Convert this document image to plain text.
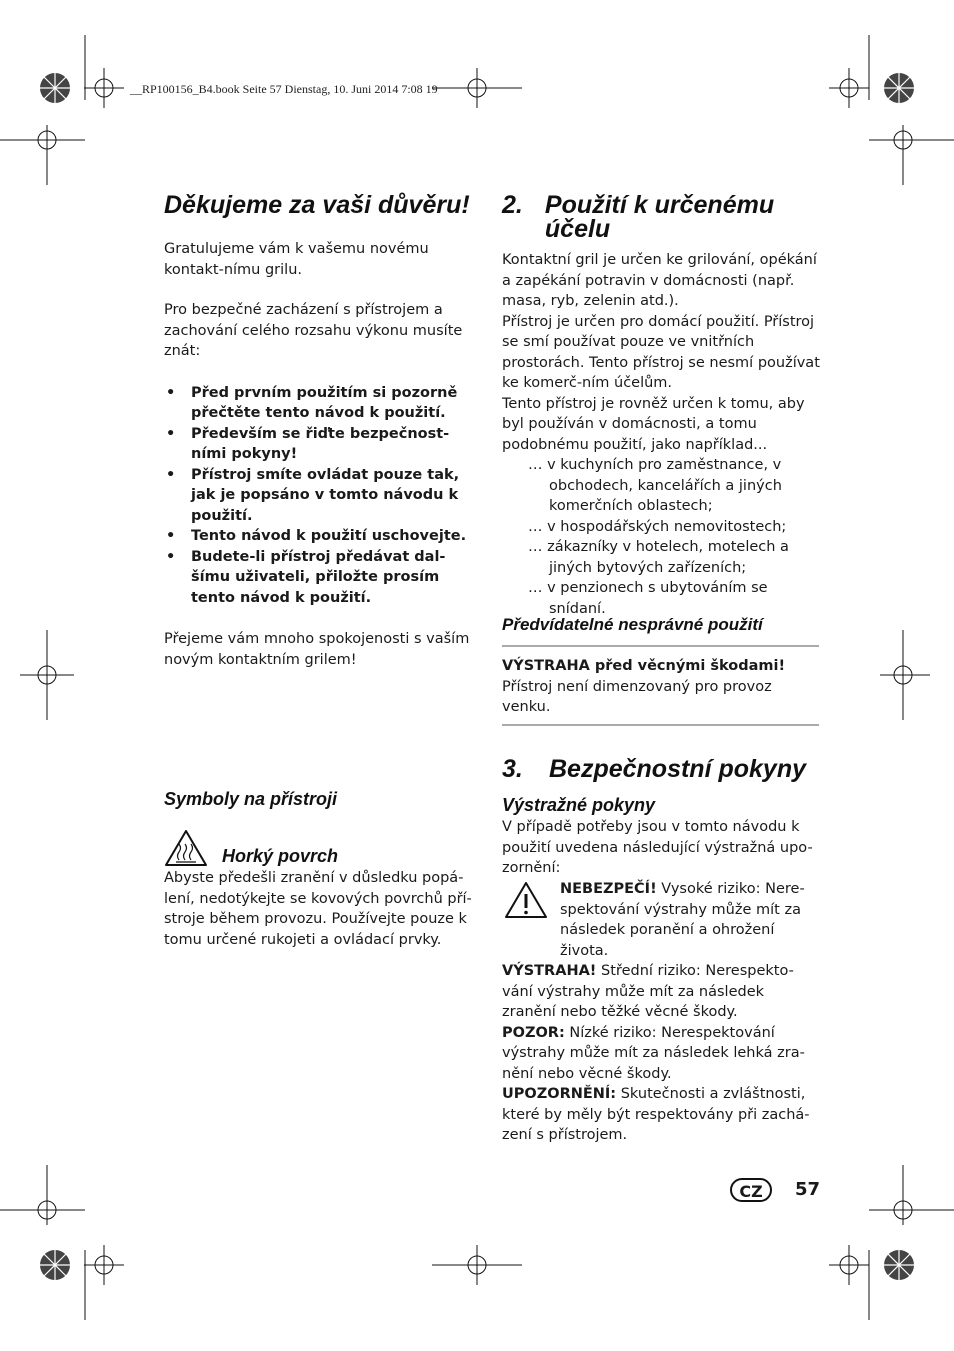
__RP100156_B4.book Seite 57 Dienstag, 10. Juni 2014 7:08 19
Děkujeme za vaši důvěru!

Gratulujeme vám k vašemu novému kontakt-nímu grilu.

Pro bezpečné zacházení s přístrojem a zachování celého rozsahu výkonu musíte znát:

• Před prvním použitím si pozorně přečtěte tento návod k použití.
• Především se řiďte bezpečnost-ními pokyny!
• Přístroj smíte ovládat pouze tak, jak je popsáno v tomto návodu k použití.
• Tento návod k použití uschovejte.
• Budete-li přístroj předávat dal-šímu uživateli, přiložte prosím tento návod k použití.

Přejeme vám mnoho spokojenosti s vaším novým kontaktním grilem!

Symboly na přístroji
Horký povrch

Abyste předešli zranění v důsledku popá-lení, nedotýkejte se kovových povrchů pří-stroje během provozu. Používejte pouze k tomu určené rukojeti a ovládací prvky.

2. Použití k určenému účelu

Kontaktní gril je určen ke grilování, opékání a zapékání potravin v domácnosti (např. masa, ryb, zelenin atd.).

Přístroj je určen pro domácí použití. Přístroj se smí používat pouze ve vnitřních prostorách. Tento přístroj se nesmí používat ke komerč-ním účelům.

Tento přístroj je rovněž určen k tomu, aby byl používán v domácnosti, a tomu podobnému použití, jako například...

… v kuchyních pro zaměstnance, v obchodech, kancelářích a jiných komerčních oblastech;
… v hospodářských nemovitostech;
… zákazníky v hotelech, motelech a jiných bytových zařízeních;
… v penzionech s ubytováním se snídaní.
Předvídatelné nesprávné použití

VÝSTRAHA před věcnými škodami!

Přístroj není dimenzovaný pro provoz venku.

3.	Bezpečnostní pokyny
Výstražné pokyny

V případě potřeby jsou v tomto návodu k použití uvedena následující výstražná upo-zornění:

NEBEZPEČÍ! Vysoké riziko: Nere-spektování výstrahy může mít za následek poranění a ohrožení života.

VÝSTRAHA! Střední riziko: Nerespekto-vání výstrahy může mít za následek zranění nebo těžké věcné škody.

POZOR: Nízké riziko: Nerespektování výstrahy může mít za následek lehká zra-nění nebo věcné škody.

UPOZORNĚNÍ: Skutečnosti a zvláštnosti, které by měly být respektovány při zachá-zení s přístrojem.

CZ	57
